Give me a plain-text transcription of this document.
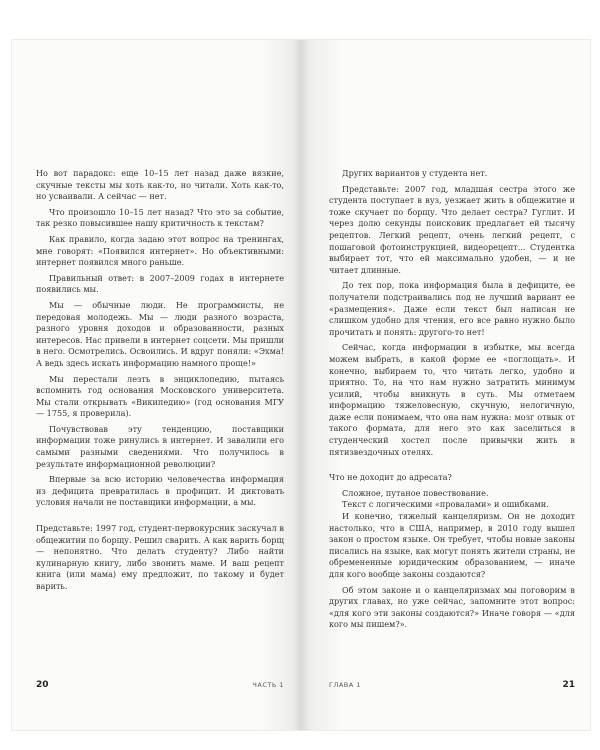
Но вот парадокс: еще 10–15 лет назад даже вязкие, скучные тексты мы хоть как-то, но читали. Хоть как-то, но усваивали. А сейчас — нет.

Что произошло 10–15 лет назад? Что это за событие, так резко повысившее нашу критичность к текстам?

Как правило, когда задаю этот вопрос на тренингах, мне говорят: «Появился интернет». Но объективными: интернет появился много раньше.

Правильный ответ: в 2007–2009 годах в интернете появились мы.

Мы — обычные люди. Не программисты, не передовая молодежь. Мы — люди разного возраста, разного уровня доходов и образованности, разных интересов. Нас привели в интернет соцсети. Мы пришли в него. Осмотрелись. Освоились. И вдруг поняли: «Эхма! А ведь здесь искать информацию намного проще!»

Мы перестали лезть в энциклопедию, пытаясь вспомнить год основания Московского университета. Мы стали открывать «Википедию» (год основания МГУ — 1755, я проверила).

Почувствовав эту тенденцию, поставщики информации тоже ринулись в интернет. И завалили его самыми разными сведениями. Что получилось в результате информационной революции?

Впервые за всю историю человечества информация из дефицита превратилась в профицит. И диктовать условия начали не поставщики информации, а мы.

Представьте: 1997 год, студент-первокурсник заскучал в общежитии по борщу. Решил сварить. А как варить борщ — непонятно. Что делать студенту? Либо найти кулинарную книгу, либо звонить маме. И ваш рецепт книга (или мама) ему предложит, по такому и будет варить.

20	ЧАСТЬ 1

Других вариантов у студента нет.

Представьте: 2007 год, младшая сестра этого же студента поступает в вуз, уезжает жить в общежитие и тоже скучает по борщу. Что делает сестра? Гуглит. И через долю секунды поисковик предлагает ей тысячу рецептов. Легкий рецепт, очень легкий рецепт, с пошаговой фотоинструкцией, видеорецепт... Студентка выбирает тот, что ей максимально удобен, — и не читает длинные.

До тех пор, пока информация была в дефиците, ее получатели подстраивались под не лучший вариант ее «размещения». Даже если текст был написан не слишком удобно для чтения, его все равно нужно было прочитать и понять: другого-то нет!

Сейчас, когда информации в избытке, мы всегда можем выбрать, в какой форме ее «поглощать». И конечно, выбираем то, что читать легко, удобно и приятно. То, на что нам нужно затратить минимум усилий, чтобы вникнуть в суть. Мы отметаем информацию тяжеловесную, скучную, нелогичную, даже если понимаем, что она нам нужна: мозг отвык от такого формата, для него это как заселиться в студенческий хостел после привычки жить в пятизвездочных отелях.

Что не доходит до адресата?

Сложное, путаное повествование.

Текст с логическими «провалами» и ошибками.

И конечно, тяжелый канцеляризм. Он не доходит настолько, что в США, например, в 2010 году вышел закон о простом языке. Он требует, чтобы новые законы писались на языке, как могут понять жители страны, не обремененные юридическим образованием, — иначе для кого вообще законы создаются?

Об этом законе и о канцеляризмах мы поговорим в других главах, но уже сейчас, запомните этот вопрос: «для кого эти законы создаются?» Иначе говоря — «для кого мы пишем?».

ГЛАВА 1	21
